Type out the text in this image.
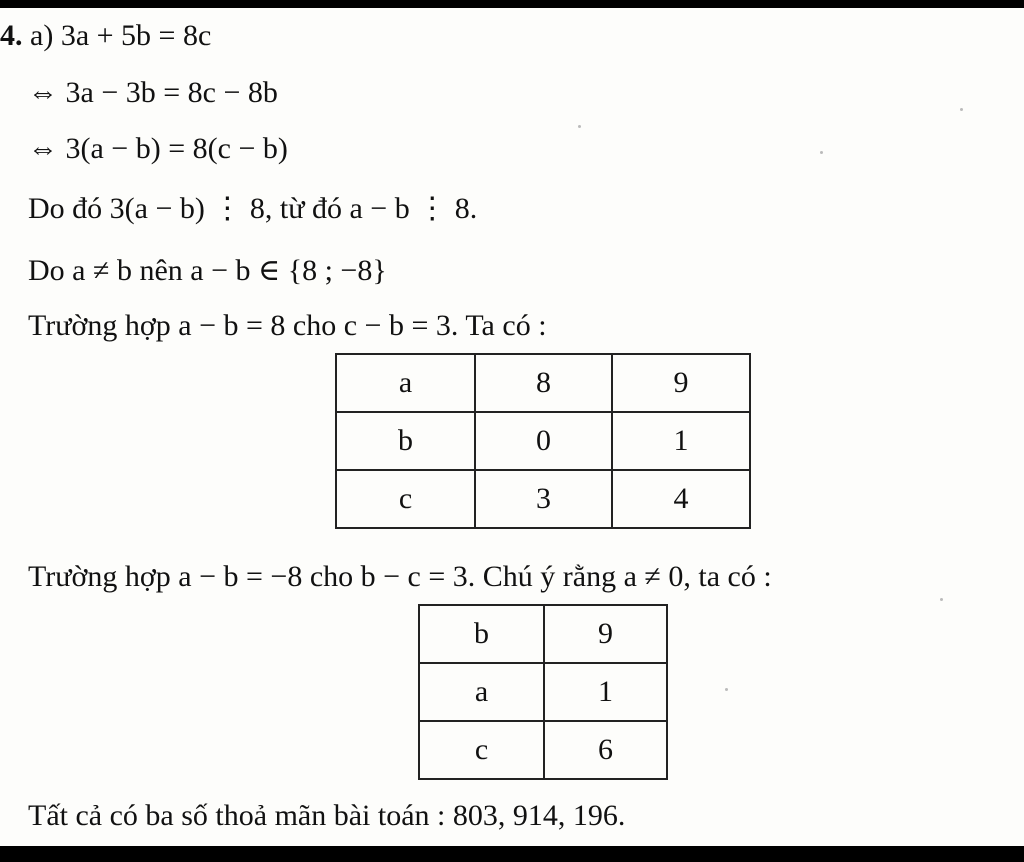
4. a) 3a + 5b = 8c
⇔ 3a − 3b = 8c − 8b
⇔ 3(a − b) = 8(c − b)
Do đó 3(a − b) ⋮ 8, từ đó a − b ⋮ 8.
Do a ≠ b nên a − b ∈ {8 ; −8}
Trường hợp a − b = 8 cho c − b = 3. Ta có :
a	8	9
b	0	1
c	3	4
Trường hợp a − b = −8 cho b − c = 3. Chú ý rằng a ≠ 0, ta có :
b	9
a	1
c	6
Tất cả có ba số thoả mãn bài toán : 803, 914, 196.
